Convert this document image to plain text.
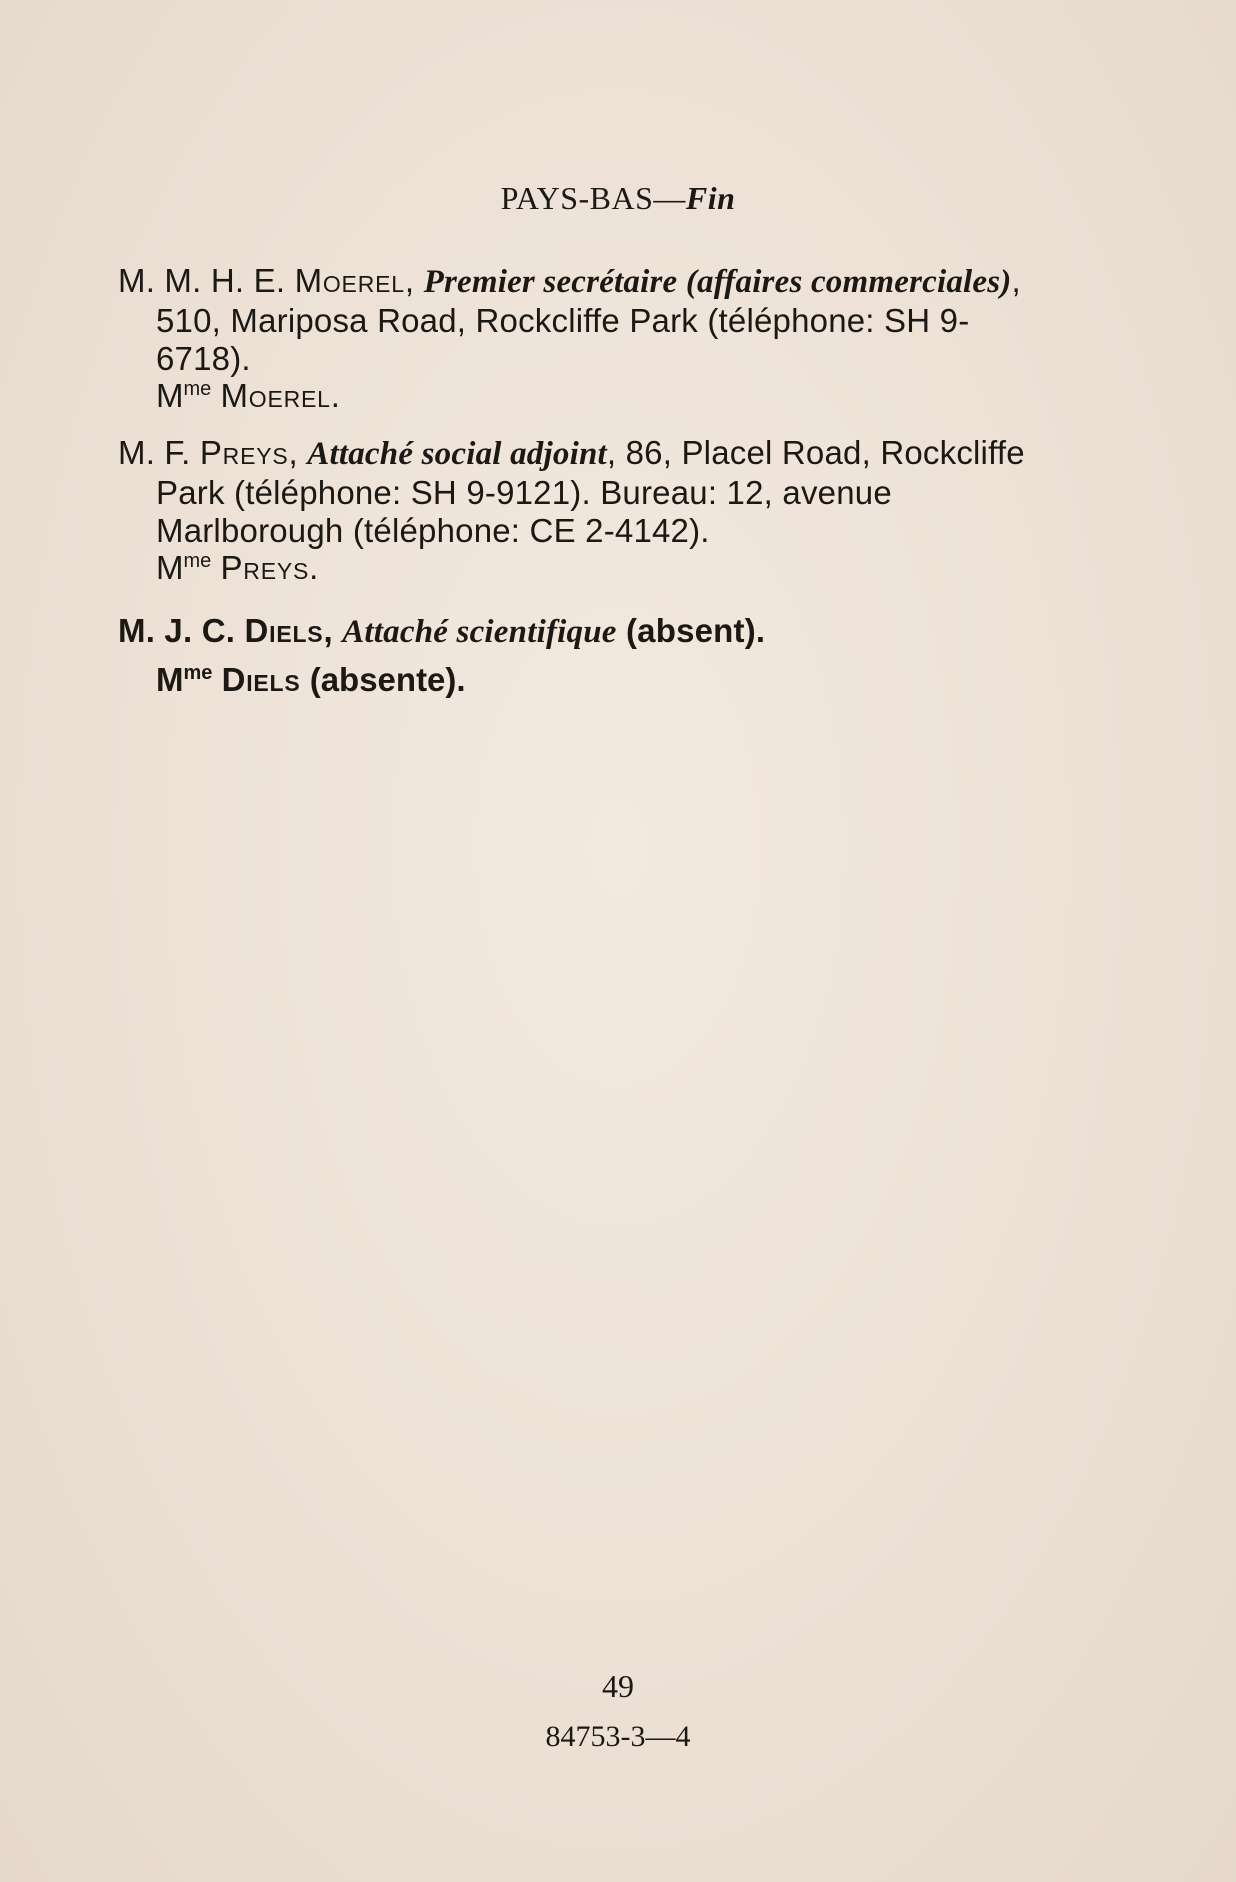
PAYS-BAS—Fin
M. M. H. E. Moerel, Premier secrétaire (affaires commerciales), 510, Mariposa Road, Rockcliffe Park (téléphone: SH 9-6718).
$M^{me}$ Moerel.
M. F. Preys, Attaché social adjoint, 86, Placel Road, Rockcliffe Park (téléphone: SH 9-9121). Bureau: 12, avenue Marlborough (téléphone: CE 2-4142).
$M^{me}$ Preys.
M. J. C. Diels, Attaché scientifique (absent).
$M^{me}$ Diels (absente).
49
84753-3—4
